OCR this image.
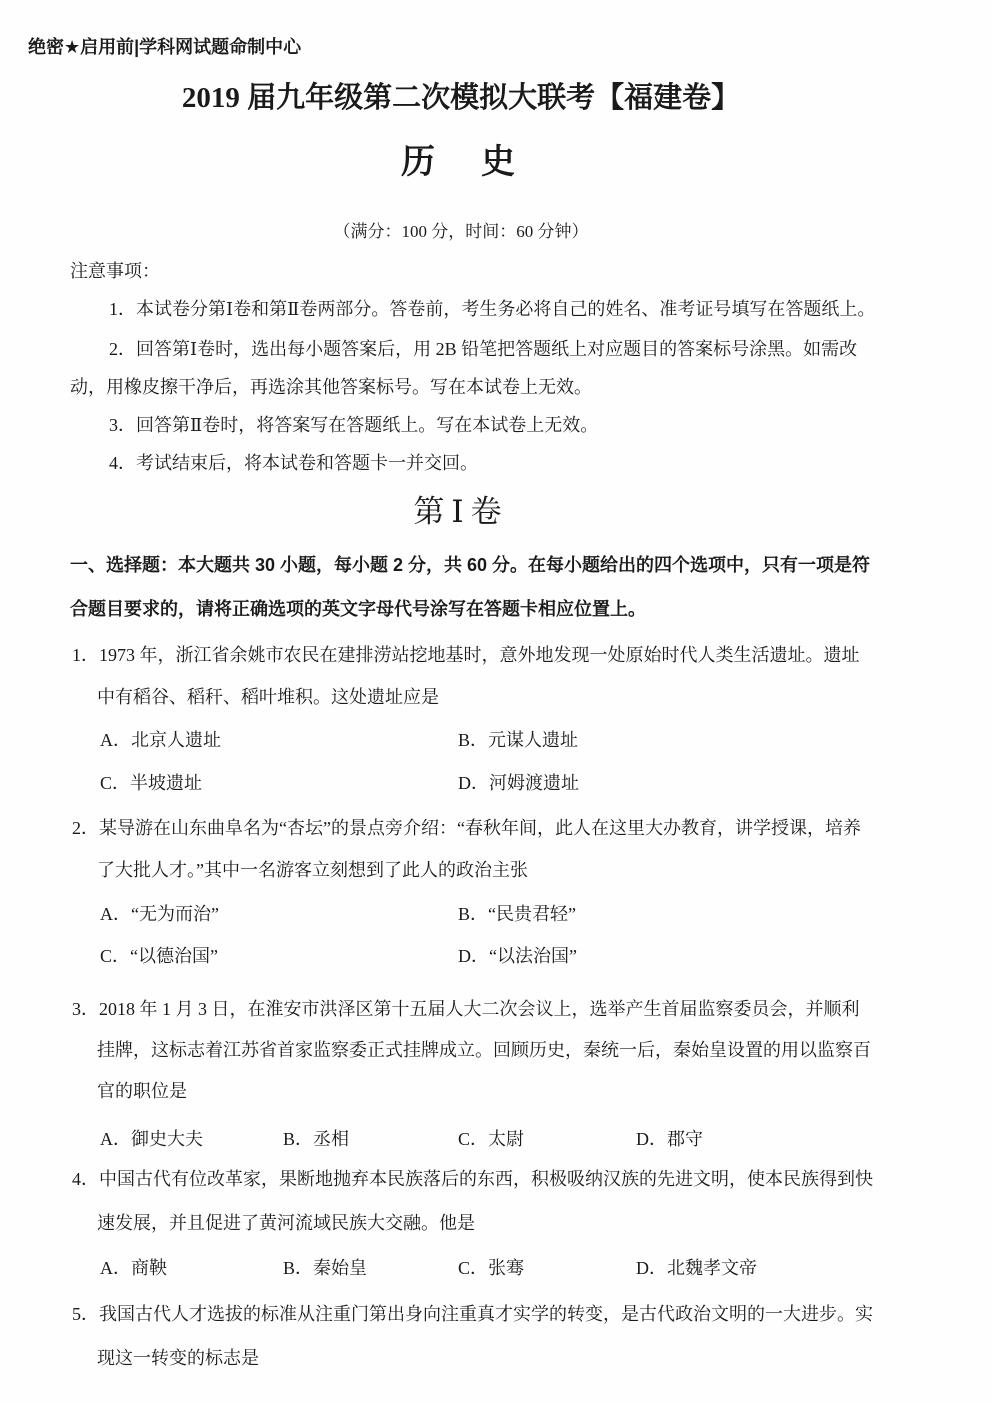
绝密★启用前|学科网试题命制中心
2019 届九年级第二次模拟大联考【福建卷】
历　史
（满分：100 分，时间：60 分钟）
注意事项：
1．本试卷分第Ⅰ卷和第Ⅱ卷两部分。答卷前，考生务必将自己的姓名、准考证号填写在答题纸上。
2．回答第Ⅰ卷时，选出每小题答案后，用 2B 铅笔把答题纸上对应题目的答案标号涂黑。如需改
动，用橡皮擦干净后，再选涂其他答案标号。写在本试卷上无效。
3．回答第Ⅱ卷时，将答案写在答题纸上。写在本试卷上无效。
4．考试结束后，将本试卷和答题卡一并交回。
第Ⅰ卷
一、选择题：本大题共 30 小题，每小题 2 分，共 60 分。在每小题给出的四个选项中，只有一项是符
合题目要求的，请将正确选项的英文字母代号涂写在答题卡相应位置上。
1．1973 年，浙江省余姚市农民在建排涝站挖地基时，意外地发现一处原始时代人类生活遗址。遗址
中有稻谷、稻秆、稻叶堆积。这处遗址应是
A．北京人遗址	B．元谋人遗址
C．半坡遗址	D．河姆渡遗址
2．某导游在山东曲阜名为“杏坛”的景点旁介绍：“春秋年间，此人在这里大办教育，讲学授课，培养
了大批人才。”其中一名游客立刻想到了此人的政治主张
A．“无为而治”	B．“民贵君轻”
C．“以德治国”	D．“以法治国”
3．2018 年 1 月 3 日，在淮安市洪泽区第十五届人大二次会议上，选举产生首届监察委员会，并顺利
挂牌，这标志着江苏省首家监察委正式挂牌成立。回顾历史，秦统一后，秦始皇设置的用以监察百
官的职位是
A．御史大夫	B．丞相	C．太尉	D．郡守
4．中国古代有位改革家，果断地抛弃本民族落后的东西，积极吸纳汉族的先进文明，使本民族得到快
速发展，并且促进了黄河流域民族大交融。他是
A．商鞅	B．秦始皇	C．张骞	D．北魏孝文帝
5．我国古代人才选拔的标准从注重门第出身向注重真才实学的转变，是古代政治文明的一大进步。实
现这一转变的标志是
